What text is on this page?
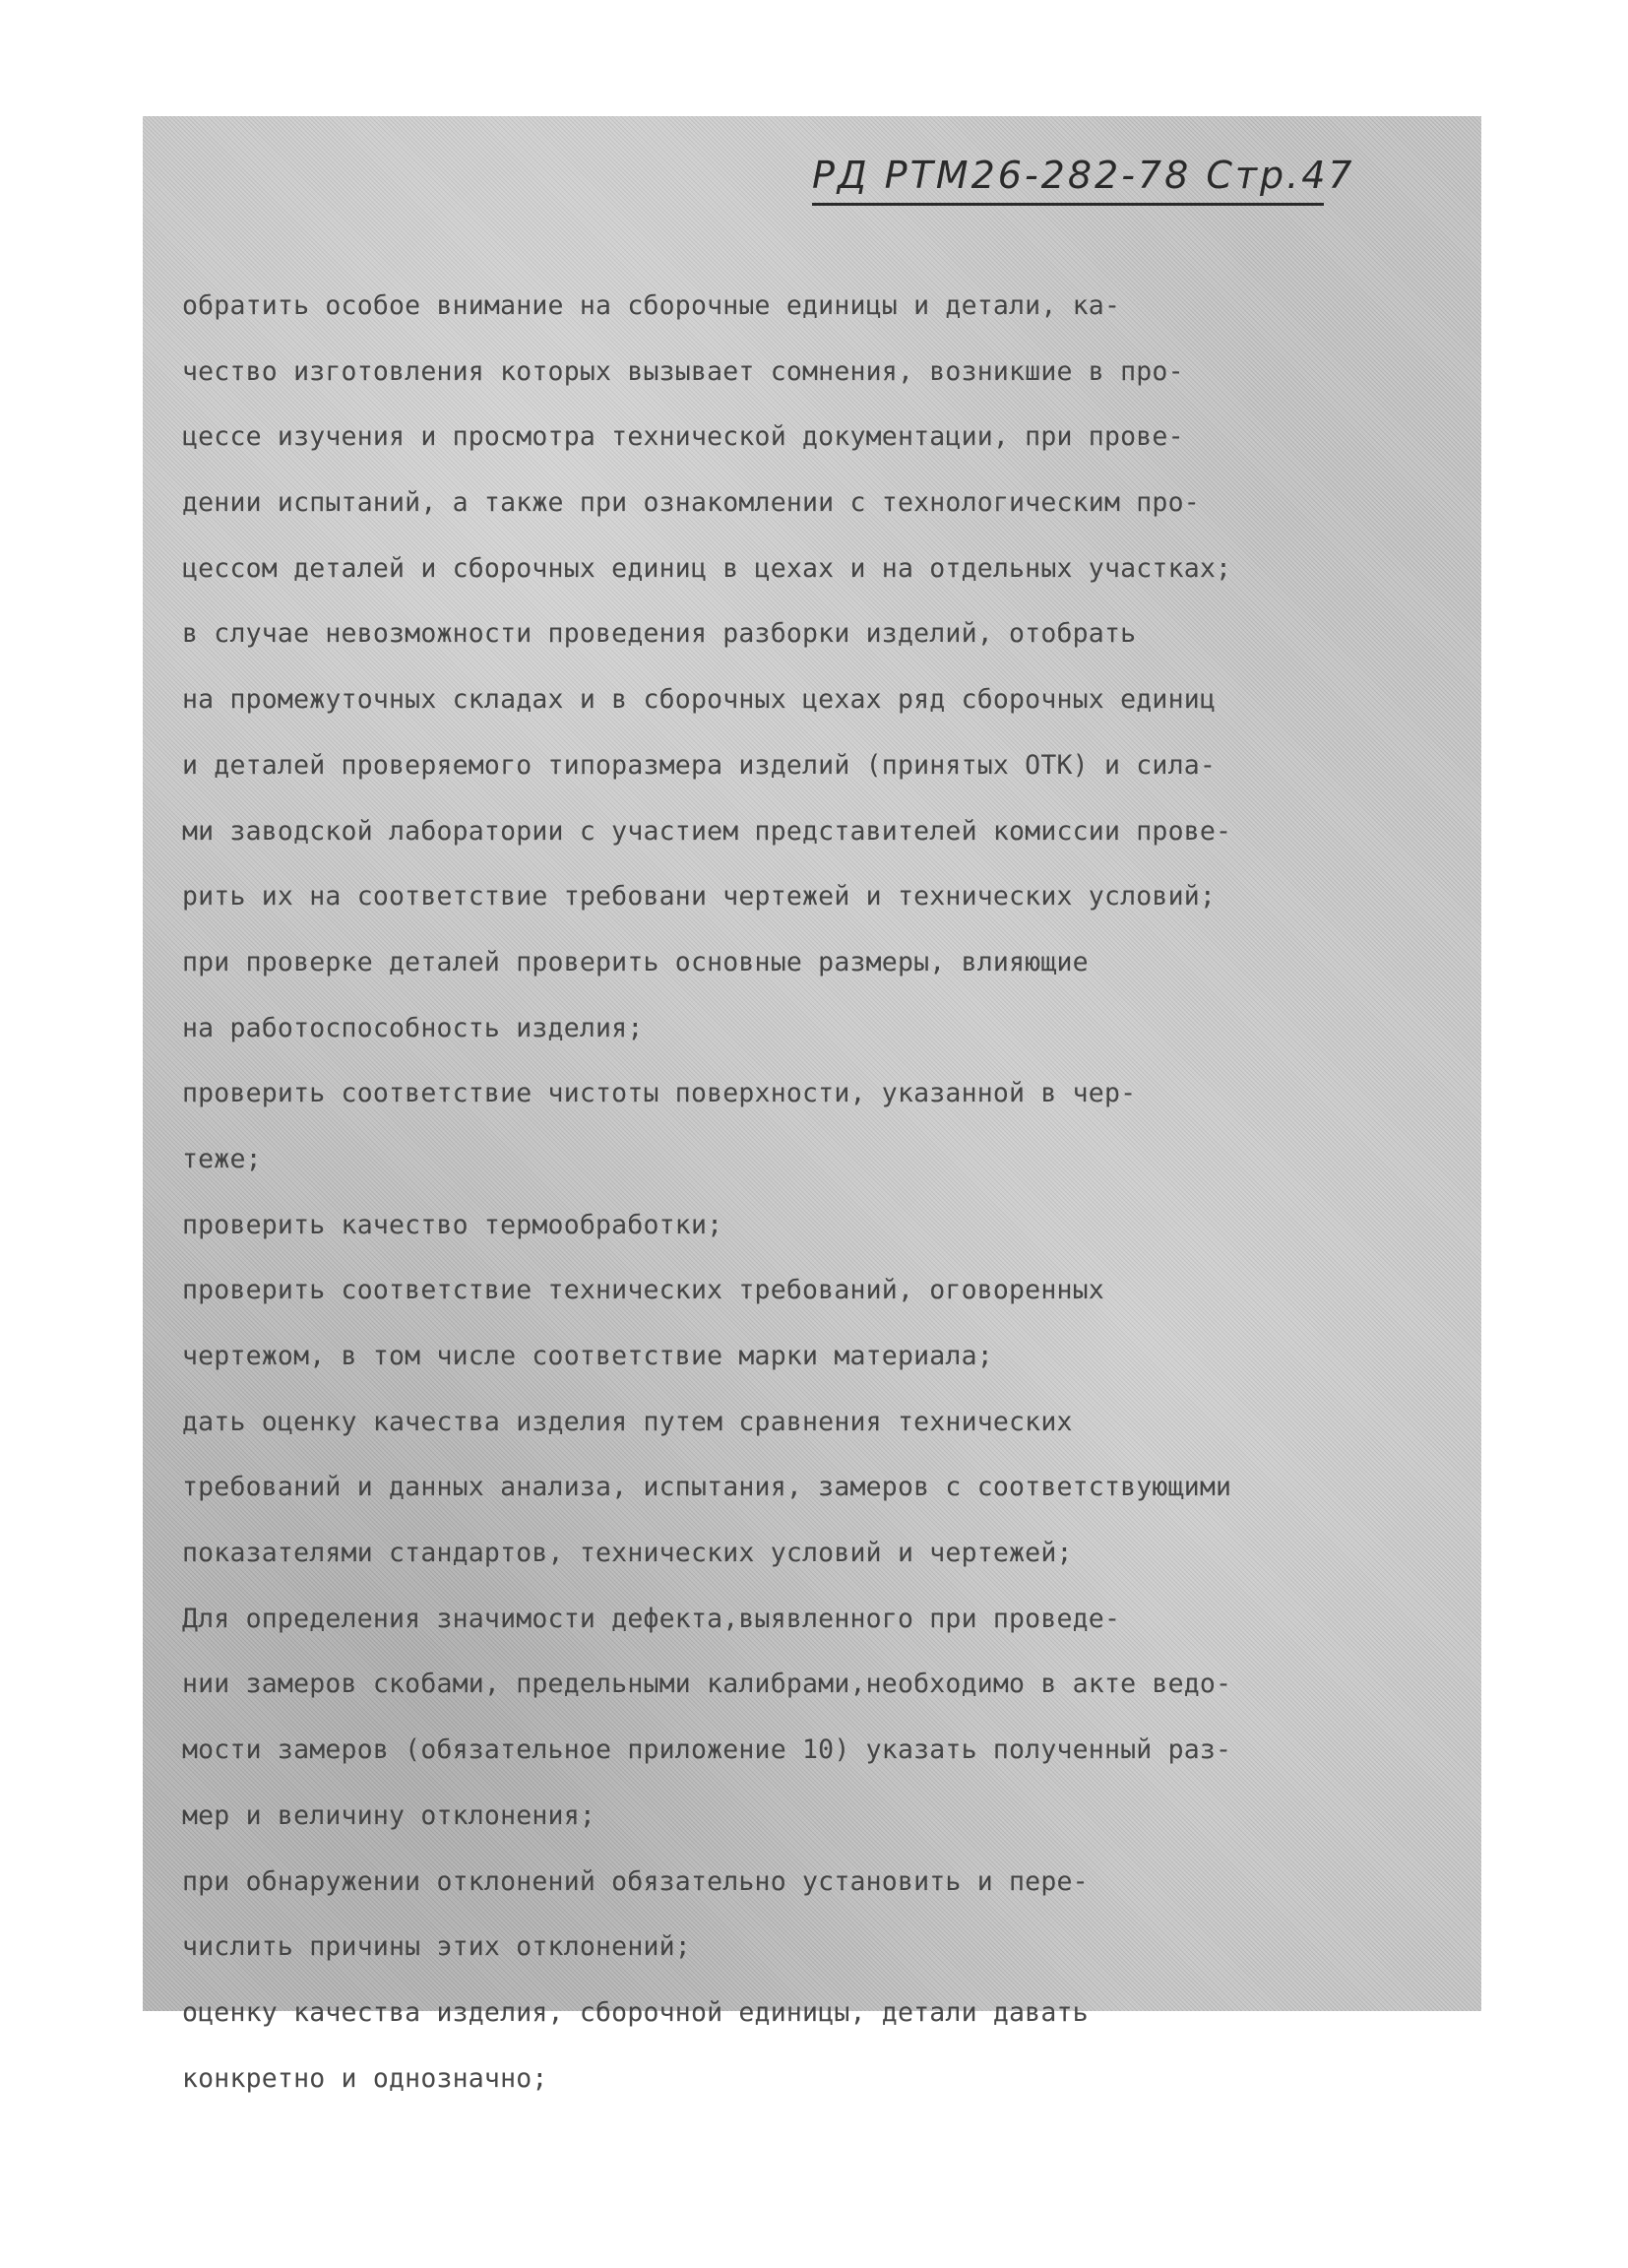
РД РТМ26-282-78 Стр.47
обратить особое внимание на сборочные единицы и детали, ка-
чество изготовления которых вызывает сомнения, возникшие в про-
цессе изучения и просмотра технической документации, при прове-
дении испытаний, а также при ознакомлении с технологическим про-
цессом деталей и сборочных единиц в цехах и на отдельных участках;
в случае невозможности проведения разборки изделий, отобрать
на промежуточных складах и в сборочных цехах ряд сборочных единиц
и деталей проверяемого типоразмера изделий (принятых ОТК) и сила-
ми заводской лаборатории с участием представителей комиссии прове-
рить их на соответствие требовани чертежей и технических условий;
при проверке деталей проверить основные размеры, влияющие
на работоспособность изделия;
проверить соответствие чистоты поверхности, указанной в чер-
теже;
проверить качество термообработки;
проверить соответствие технических требований, оговоренных
чертежом, в том числе соответствие марки материала;
дать оценку качества изделия путем сравнения технических
требований и данных анализа, испытания, замеров с соответствующими
показателями стандартов, технических условий и чертежей;
Для определения значимости дефекта,выявленного при проведе-
нии замеров скобами, предельными калибрами,необходимо в акте ведо-
мости замеров (обязательное приложение 10) указать полученный раз-
мер и величину отклонения;
при обнаружении отклонений обязательно установить и пере-
числить причины этих отклонений;
оценку качества изделия, сборочной единицы, детали давать
конкретно и однозначно;
